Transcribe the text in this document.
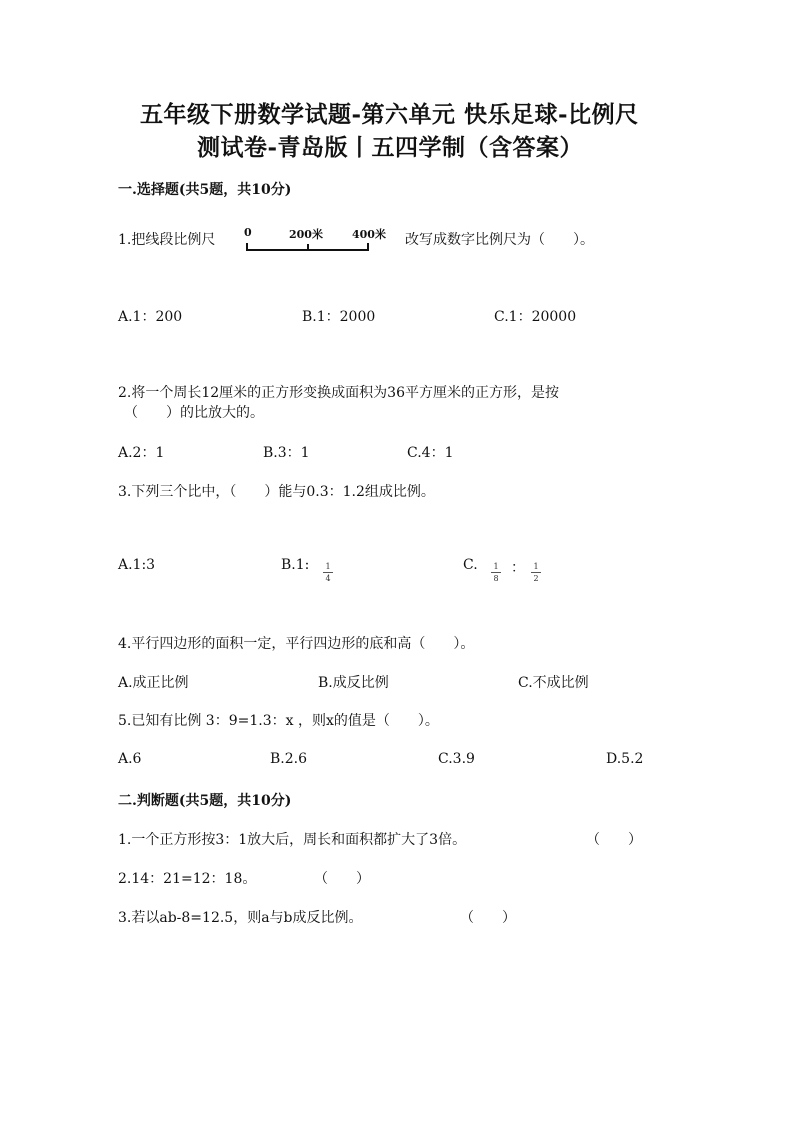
五年级下册数学试题-第六单元 快乐足球-比例尺
测试卷-青岛版丨五四学制（含答案）
一.选择题(共5题，共10分)
1.把线段比例尺	0	200米	400米 改写成数字比例尺为（　　）。
A.1：200	B.1：2000	C.1：20000
2.将一个周长12厘米的正方形变换成面积为36平方厘米的正方形，是按
（　　）的比放大的。
A.2：1	B.3：1	C.4：1
3.下列三个比中，（　　）能与0.3：1.2组成比例。
A.1:3	B.1:	1
4
C.	1
8
：	1
2
4.平行四边形的面积一定，平行四边形的底和高（　　）。
A.成正比例	B.成反比例	C.不成比例
5.已知有比例 3：9=1.3：x ，则x的值是（　　）。
A.6	B.2.6	C.3.9	D.5.2
二.判断题(共5题，共10分)
1.一个正方形按3：1放大后，周长和面积都扩大了3倍。	（　　）
2.14：21=12：18。	（　　）
3.若以ab-8=12.5，则a与b成反比例。	（　　）
